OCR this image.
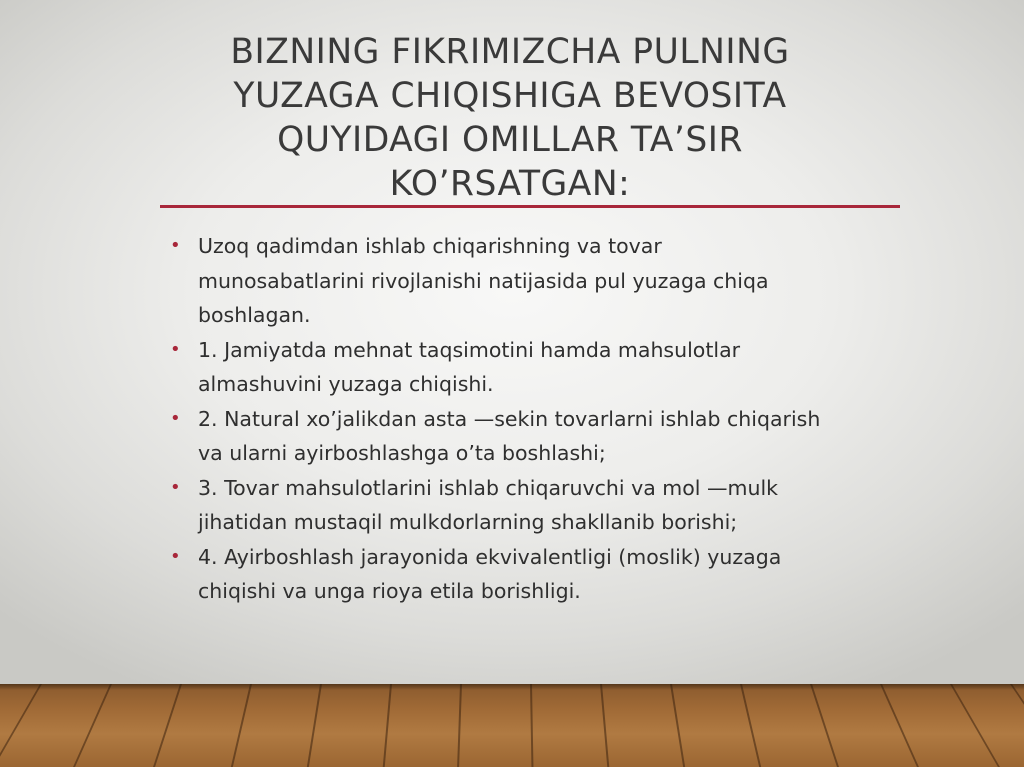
BIZNING FIKRIMIZCHA PULNING
YUZAGA CHIQISHIGA BEVOSITA
QUYIDAGI OMILLAR TA’SIR
KO’RSATGAN:
• Uzoq qadimdan ishlab chiqarishning va tovar
munosabatlarini rivojlanishi natijasida pul yuzaga chiqa
boshlagan.
• 1. Jamiyatda mehnat taqsimotini hamda mahsulotlar
almashuvini yuzaga chiqishi.
• 2. Natural xo’jalikdan asta —sekin tovarlarni ishlab chiqarish
va ularni ayirboshlashga o’ta boshlashi;
• 3. Tovar mahsulotlarini ishlab chiqaruvchi va mol —mulk
jihatidan mustaqil mulkdorlarning shakllanib borishi;
• 4. Ayirboshlash jarayonida ekvivalentligi (moslik) yuzaga
chiqishi va unga rioya etila borishligi.
